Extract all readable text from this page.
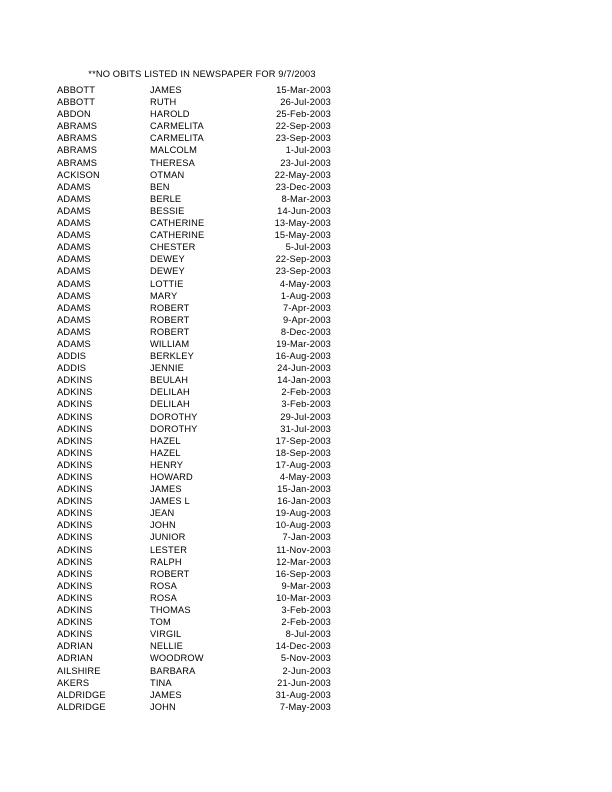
**NO OBITS LISTED IN NEWSPAPER FOR 9/7/2003
ABBOTT	JAMES	15-Mar-2003
ABBOTT	RUTH	26-Jul-2003
ABDON	HAROLD	25-Feb-2003
ABRAMS	CARMELITA	22-Sep-2003
ABRAMS	CARMELITA	23-Sep-2003
ABRAMS	MALCOLM	1-Jul-2003
ABRAMS	THERESA	23-Jul-2003
ACKISON	OTMAN	22-May-2003
ADAMS	BEN	23-Dec-2003
ADAMS	BERLE	8-Mar-2003
ADAMS	BESSIE	14-Jun-2003
ADAMS	CATHERINE	13-May-2003
ADAMS	CATHERINE	15-May-2003
ADAMS	CHESTER	5-Jul-2003
ADAMS	DEWEY	22-Sep-2003
ADAMS	DEWEY	23-Sep-2003
ADAMS	LOTTIE	4-May-2003
ADAMS	MARY	1-Aug-2003
ADAMS	ROBERT	7-Apr-2003
ADAMS	ROBERT	9-Apr-2003
ADAMS	ROBERT	8-Dec-2003
ADAMS	WILLIAM	19-Mar-2003
ADDIS	BERKLEY	16-Aug-2003
ADDIS	JENNIE	24-Jun-2003
ADKINS	BEULAH	14-Jan-2003
ADKINS	DELILAH	2-Feb-2003
ADKINS	DELILAH	3-Feb-2003
ADKINS	DOROTHY	29-Jul-2003
ADKINS	DOROTHY	31-Jul-2003
ADKINS	HAZEL	17-Sep-2003
ADKINS	HAZEL	18-Sep-2003
ADKINS	HENRY	17-Aug-2003
ADKINS	HOWARD	4-May-2003
ADKINS	JAMES	15-Jan-2003
ADKINS	JAMES L	16-Jan-2003
ADKINS	JEAN	19-Aug-2003
ADKINS	JOHN	10-Aug-2003
ADKINS	JUNIOR	7-Jan-2003
ADKINS	LESTER	11-Nov-2003
ADKINS	RALPH	12-Mar-2003
ADKINS	ROBERT	16-Sep-2003
ADKINS	ROSA	9-Mar-2003
ADKINS	ROSA	10-Mar-2003
ADKINS	THOMAS	3-Feb-2003
ADKINS	TOM	2-Feb-2003
ADKINS	VIRGIL	8-Jul-2003
ADRIAN	NELLIE	14-Dec-2003
ADRIAN	WOODROW	5-Nov-2003
AILSHIRE	BARBARA	2-Jun-2003
AKERS	TINA	21-Jun-2003
ALDRIDGE	JAMES	31-Aug-2003
ALDRIDGE	JOHN	7-May-2003
